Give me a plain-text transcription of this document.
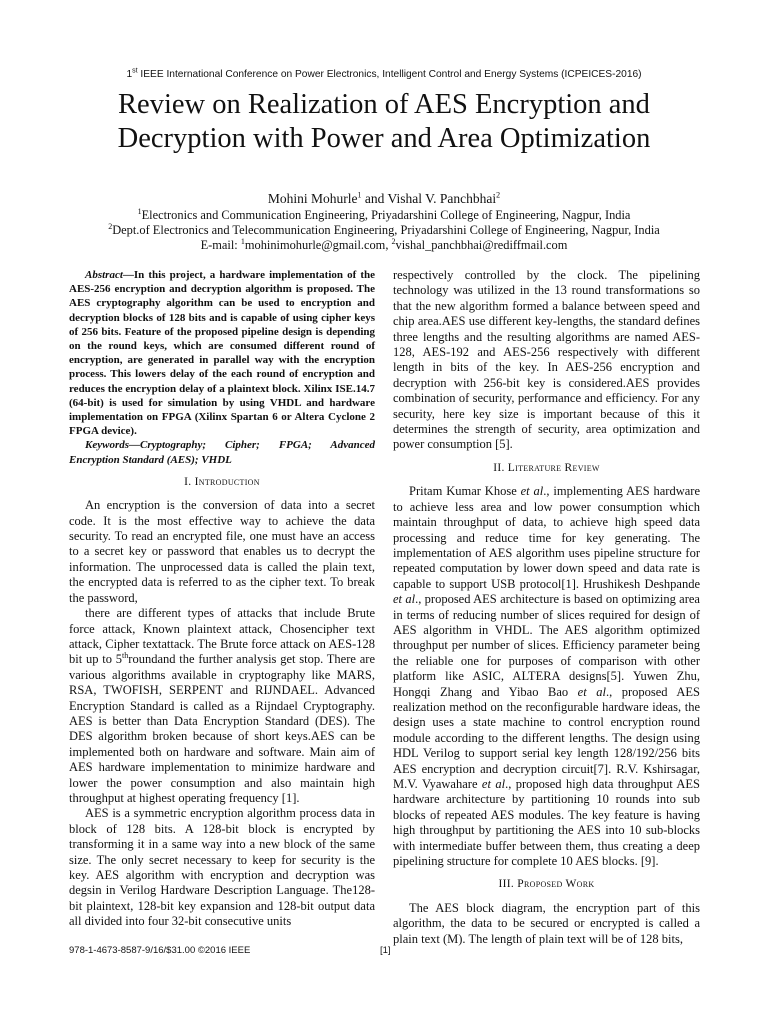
1st IEEE International Conference on Power Electronics, Intelligent Control and Energy Systems (ICPEICES-2016)
Review on Realization of AES Encryption and
Decryption with Power and Area Optimization
Mohini Mohurle$^1$ and Vishal V. Panchbhai$^2$
$^1$Electronics and Communication Engineering, Priyadarshini College of Engineering, Nagpur, India
$^2$Dept.of Electronics and Telecommunication Engineering, Priyadarshini College of Engineering, Nagpur, India
E-mail: $^1$mohinimohurle@gmail.com, $^2$vishal_panchbhai@rediffmail.com

Abstract—In this project, a hardware implementation of the AES-256 encryption and decryption algorithm is proposed. The AES cryptography algorithm can be used to encryption and decryption blocks of 128 bits and is capable of using cipher keys of 256 bits. Feature of the proposed pipeline design is depending on the round keys, which are consumed different round of encryption, are generated in parallel way with the encryption process. This lowers delay of the each round of encryption and reduces the encryption delay of a plaintext block. Xilinx ISE.14.7 (64-bit) is used for simulation by using VHDL and hardware implementation on FPGA (Xilinx Spartan 6 or Altera Cyclone 2 FPGA device).

Keywords—Cryptography; Cipher; FPGA; Advanced Encryption Standard (AES); VHDL

I. Introduction

An encryption is the conversion of data into a secret code. It is the most effective way to achieve the data security. To read an encrypted file, one must have an access to a secret key or password that enables us to decrypt the information. The unprocessed data is called the plain text, the encrypted data is referred to as the cipher text. To break the password,

there are different types of attacks that include Brute force attack, Known plaintext attack, Chosencipher text attack, Cipher textattack. The Brute force attack on AES-128 bit up to 5throundand the further analysis get stop. There are various algorithms available in cryptography like MARS, RSA, TWOFISH, SERPENT and RIJNDAEL. Advanced Encryption Standard is called as a Rijndael Cryptography. AES is better than Data Encryption Standard (DES). The DES algorithm broken because of short keys.AES can be implemented both on hardware and software. Main aim of AES hardware implementation to minimize hardware and lower the power consumption and also maintain high throughput at highest operating frequency [1].

AES is a symmetric encryption algorithm process data in block of 128 bits. A 128-bit block is encrypted by transforming it in a same way into a new block of the same size. The only secret necessary to keep for security is the key. AES algorithm with encryption and decryption was degsin in Verilog Hardware Description Language. The128-bit plaintext, 128-bit key expansion and 128-bit output data all divided into four 32-bit consecutive units

respectively controlled by the clock. The pipelining technology was utilized in the 13 round transformations so that the new algorithm formed a balance between speed and chip area.AES use different key-lengths, the standard defines three lengths and the resulting algorithms are named AES-128, AES-192 and AES-256 respectively with different length in bits of the key. In AES-256 encryption and decryption with 256-bit key is considered.AES provides combination of security, performance and efficiency. For any security, here key size is important because of this it determines the strength of security, area optimization and power consumption [5].

II. Literature Review

Pritam Kumar Khose et al., implementing AES hardware to achieve less area and low power consumption which maintain throughput of data, to achieve high speed data processing and reduce time for key generating. The implementation of AES algorithm uses pipeline structure for repeated computation by lower down speed and data rate is capable to support USB protocol[1]. Hrushikesh Deshpande et al., proposed AES architecture is based on optimizing area in terms of reducing number of slices required for design of AES algorithm in VHDL. The AES algorithm optimized throughput per number of slices. Efficiency parameter being the reliable one for purposes of comparison with other platform like ASIC, ALTERA designs[5]. Yuwen Zhu, Hongqi Zhang and Yibao Bao et al., proposed AES realization method on the reconfigurable hardware ideas, the design uses a state machine to control encryption round module according to the different lengths. The design using HDL Verilog to support serial key length 128/192/256 bits AES encryption and decryption circuit[7]. R.V. Kshirsagar, M.V. Vyawahare et al., proposed high data throughput AES hardware architecture by partitioning 10 rounds into sub blocks of repeated AES modules. The key feature is having high throughput by partitioning the AES into 10 sub-blocks with intermediate buffer between them, thus creating a deep pipelining structure for complete 10 AES blocks. [9].

III. Proposed Work

The AES block diagram, the encryption part of this algorithm, the data to be secured or encrypted is called a plain text (M). The length of plain text will be of 128 bits,

978-1-4673-8587-9/16/$31.00 ©2016 IEEE	[1]
